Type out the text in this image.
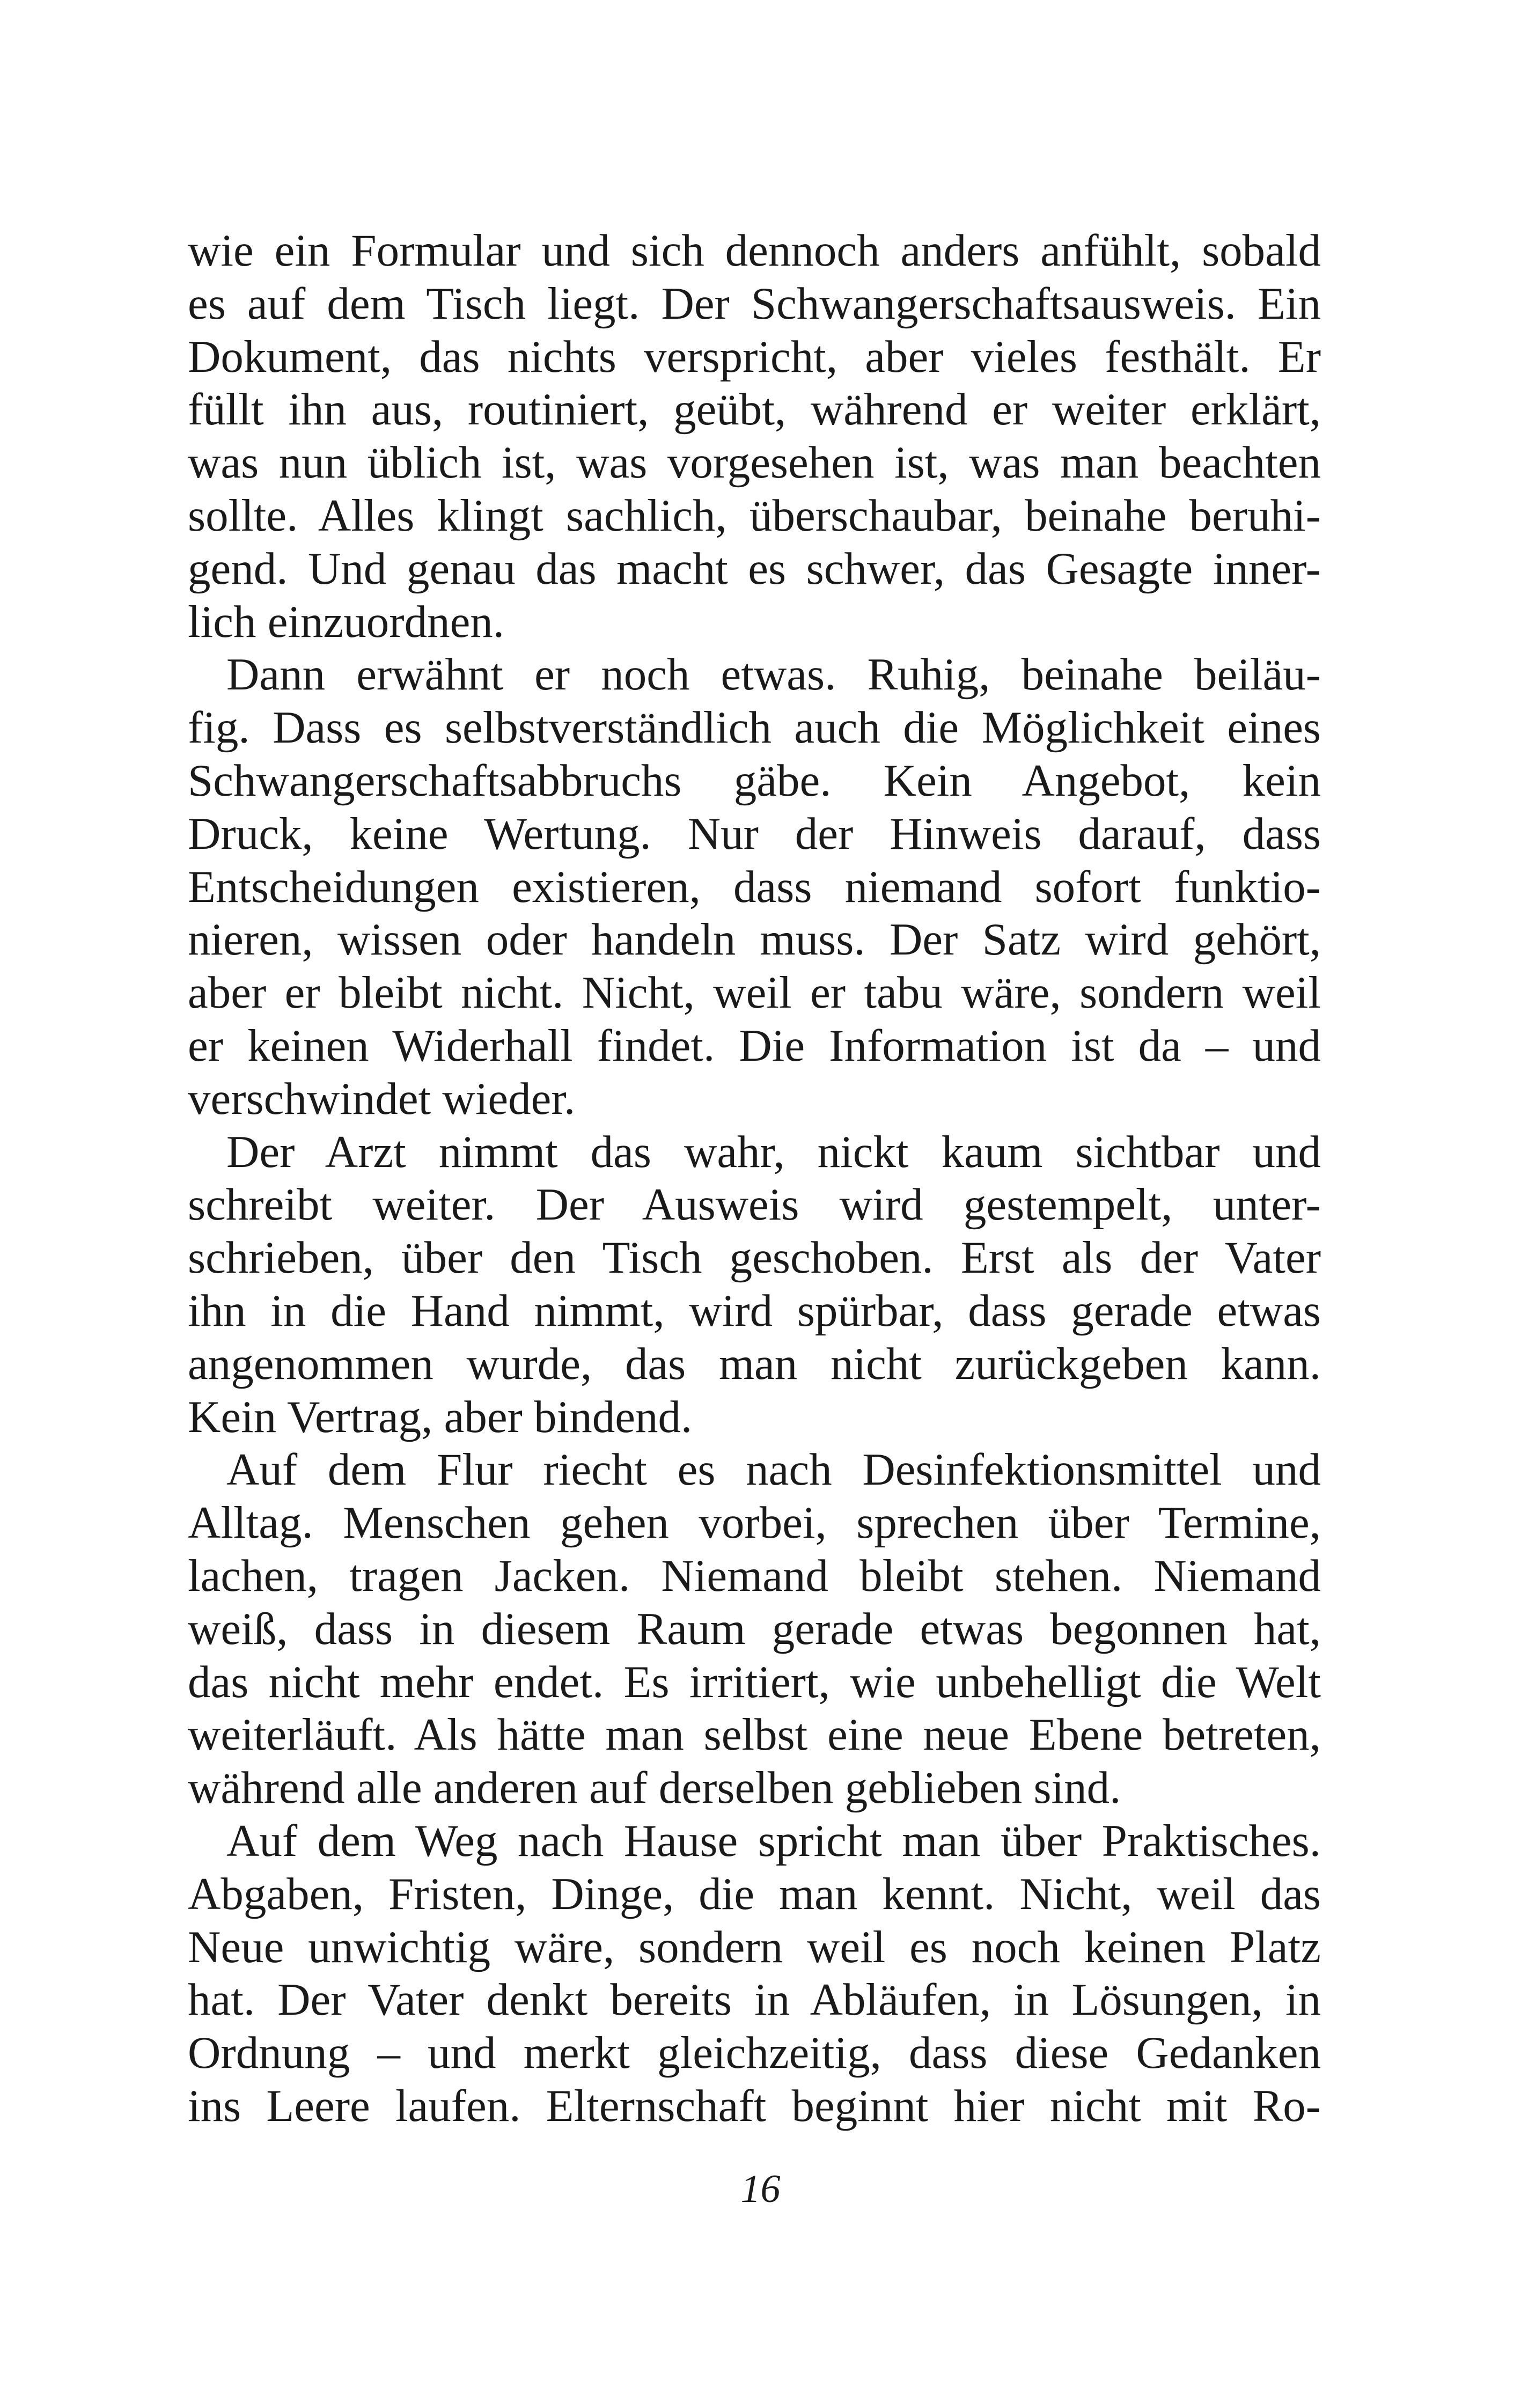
wie ein Formular und sich dennoch anders anfühlt, sobald
es auf dem Tisch liegt. Der Schwangerschaftsausweis. Ein
Dokument, das nichts verspricht, aber vieles festhält. Er
füllt ihn aus, routiniert, geübt, während er weiter erklärt,
was nun üblich ist, was vorgesehen ist, was man beachten
sollte. Alles klingt sachlich, überschaubar, beinahe beruhi-
gend. Und genau das macht es schwer, das Gesagte inner-
lich einzuordnen.
Dann erwähnt er noch etwas. Ruhig, beinahe beiläu-
fig. Dass es selbstverständlich auch die Möglichkeit eines
Schwangerschaftsabbruchs gäbe. Kein Angebot, kein
Druck, keine Wertung. Nur der Hinweis darauf, dass
Entscheidungen existieren, dass niemand sofort funktio-
nieren, wissen oder handeln muss. Der Satz wird gehört,
aber er bleibt nicht. Nicht, weil er tabu wäre, sondern weil
er keinen Widerhall findet. Die Information ist da – und
verschwindet wieder.
Der Arzt nimmt das wahr, nickt kaum sichtbar und
schreibt weiter. Der Ausweis wird gestempelt, unter-
schrieben, über den Tisch geschoben. Erst als der Vater
ihn in die Hand nimmt, wird spürbar, dass gerade etwas
angenommen wurde, das man nicht zurückgeben kann.
Kein Vertrag, aber bindend.
Auf dem Flur riecht es nach Desinfektionsmittel und
Alltag. Menschen gehen vorbei, sprechen über Termine,
lachen, tragen Jacken. Niemand bleibt stehen. Niemand
weiß, dass in diesem Raum gerade etwas begonnen hat,
das nicht mehr endet. Es irritiert, wie unbehelligt die Welt
weiterläuft. Als hätte man selbst eine neue Ebene betreten,
während alle anderen auf derselben geblieben sind.
Auf dem Weg nach Hause spricht man über Praktisches.
Abgaben, Fristen, Dinge, die man kennt. Nicht, weil das
Neue unwichtig wäre, sondern weil es noch keinen Platz
hat. Der Vater denkt bereits in Abläufen, in Lösungen, in
Ordnung – und merkt gleichzeitig, dass diese Gedanken
ins Leere laufen. Elternschaft beginnt hier nicht mit Ro-
16
